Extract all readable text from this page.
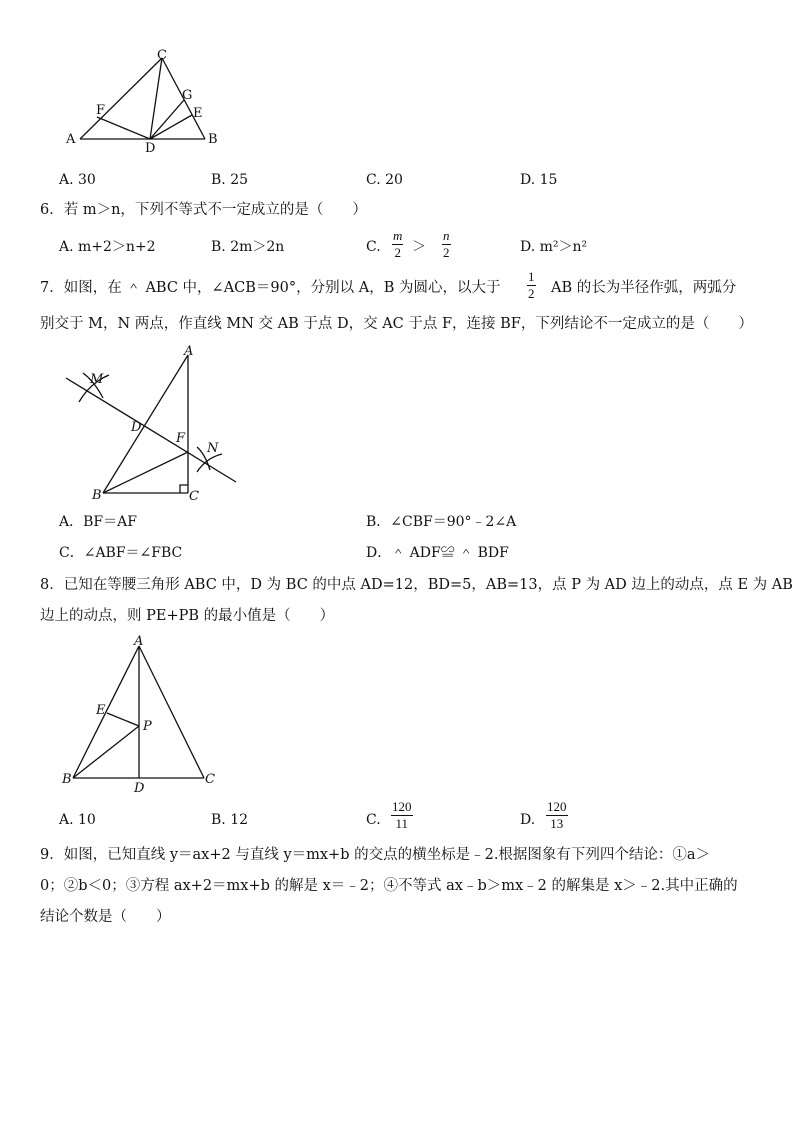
C
F
G
E
A	B
D
A. 30	B. 25	C. 20	D. 15
6．若 m＞n，下列不等式不一定成立的是（　　）
A. m+2＞n+2	B. 2m＞2n	C.
m
2 ＞
n
2	D. m²＞n²
7．如图，在 ＾ ABC 中，∠ACB＝90°，分别以 A，B 为圆心，以大于
1
2 AB 的长为半径作弧，两弧分
别交于 M，N 两点，作直线 MN 交 AB 于点 D，交 AC 于点 F，连接 BF，下列结论不一定成立的是（　　）
A
M
D
F
N
B	C
A．BF＝AF	B．∠CBF＝90°﹣2∠A
C．∠ABF＝∠FBC	D．＾ ADF≌ ＾ BDF
8．已知在等腰三角形 ABC 中，D 为 BC 的中点 AD=12，BD=5，AB=13，点 P 为 AD 边上的动点，点 E 为 AB
边上的动点，则 PE+PB 的最小值是（　　）
A
E
P
B	C
D
A. 10	B. 12	C.
120
11	D.
120
13
9．如图，已知直线 y＝ax+2 与直线 y＝mx+b 的交点的横坐标是﹣2.根据图象有下列四个结论：①a＞
0；②b＜0；③方程 ax+2＝mx+b 的解是 x＝﹣2；④不等式 ax﹣b＞mx﹣2 的解集是 x＞﹣2.其中正确的
结论个数是（　　）
